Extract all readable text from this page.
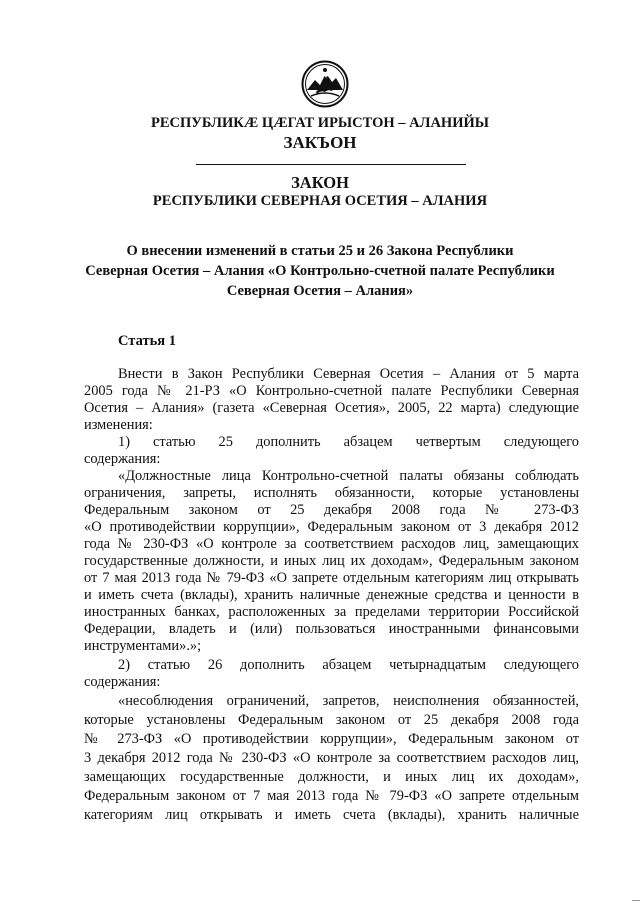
РЕСПУБЛИКÆ ЦÆГАТ ИРЫСТОН – АЛАНИЙЫ
ЗАКЪОН
ЗАКОН
РЕСПУБЛИКИ СЕВЕРНАЯ ОСЕТИЯ – АЛАНИЯ
О внесении изменений в статьи 25 и 26 Закона Республики
Северная Осетия – Алания «О Контрольно-счетной палате Республики
Северная Осетия – Алания»
Статья 1
Внести в Закон Республики Северная Осетия – Алания от 5 марта
2005 года № 21-РЗ «О Контрольно-счетной палате Республики Северная
Осетия – Алания» (газета «Северная Осетия», 2005, 22 марта) следующие
изменения:
1) статью 25 дополнить абзацем четвертым следующего
содержания:
«Должностные лица Контрольно-счетной палаты обязаны соблюдать
ограничения, запреты, исполнять обязанности, которые установлены
Федеральным законом от 25 декабря 2008 года № 273-ФЗ
«О противодействии коррупции», Федеральным законом от 3 декабря 2012
года № 230-ФЗ «О контроле за соответствием расходов лиц, замещающих
государственные должности, и иных лиц их доходам», Федеральным законом
от 7 мая 2013 года № 79-ФЗ «О запрете отдельным категориям лиц открывать
и иметь счета (вклады), хранить наличные денежные средства и ценности в
иностранных банках, расположенных за пределами территории Российской
Федерации, владеть и (или) пользоваться иностранными финансовыми
инструментами».»;
2) статью 26 дополнить абзацем четырнадцатым следующего
содержания:
«несоблюдения ограничений, запретов, неисполнения обязанностей,
которые установлены Федеральным законом от 25 декабря 2008 года
№ 273-ФЗ «О противодействии коррупции», Федеральным законом от
3 декабря 2012 года № 230-ФЗ «О контроле за соответствием расходов лиц,
замещающих государственные должности, и иных лиц их доходам»,
Федеральным законом от 7 мая 2013 года № 79-ФЗ «О запрете отдельным
категориям лиц открывать и иметь счета (вклады), хранить наличные
